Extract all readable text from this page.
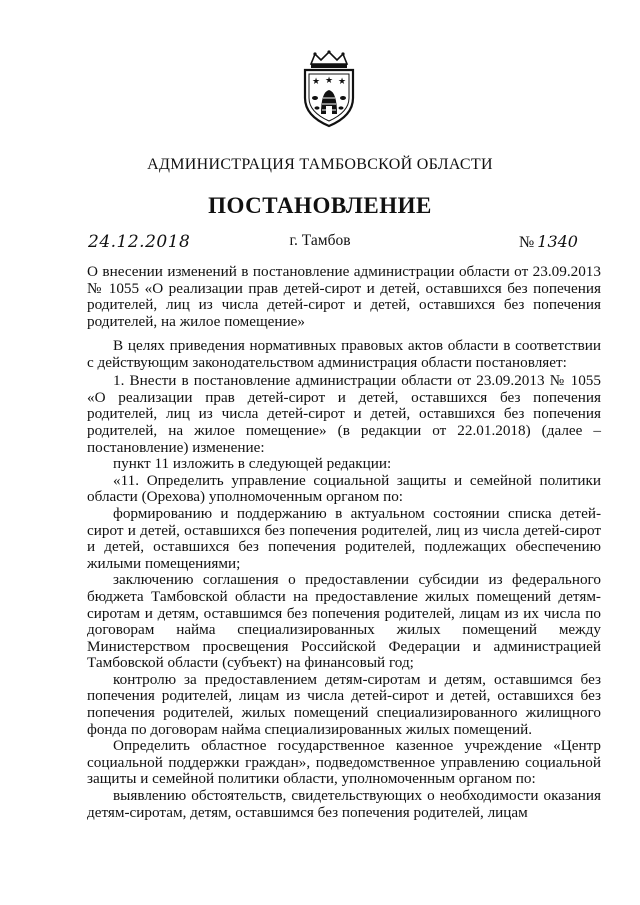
★ ★ ★
АДМИНИСТРАЦИЯ ТАМБОВСКОЙ ОБЛАСТИ
ПОСТАНОВЛЕНИЕ
24.12.2018	г. Тамбов	№ 1340
О внесении изменений в постановление администрации области от 23.09.2013 № 1055 «О реализации прав детей-сирот и детей, оставшихся без попечения родителей, лиц из числа детей-сирот и детей, оставшихся без попечения родителей, на жилое помещение»

В целях приведения нормативных правовых актов области в соответствии с действующим законодательством администрация области постановляет:

1. Внести в постановление администрации области от 23.09.2013 № 1055 «О реализации прав детей-сирот и детей, оставшихся без попечения родителей, лиц из числа детей-сирот и детей, оставшихся без попечения родителей, на жилое помещение» (в редакции от 22.01.2018) (далее – постановление) изменение:

пункт 11 изложить в следующей редакции:

«11. Определить управление социальной защиты и семейной политики области (Орехова) уполномоченным органом по:

формированию и поддержанию в актуальном состоянии списка детей-сирот и детей, оставшихся без попечения родителей, лиц из числа детей-сирот и детей, оставшихся без попечения родителей, подлежащих обеспечению жилыми помещениями;

заключению соглашения о предоставлении субсидии из федерального бюджета Тамбовской области на предоставление жилых помещений детям-сиротам и детям, оставшимся без попечения родителей, лицам из их числа по договорам найма специализированных жилых помещений между Министерством просвещения Российской Федерации и администрацией Тамбовской области (субъект) на финансовый год;

контролю за предоставлением детям-сиротам и детям, оставшимся без попечения родителей, лицам из числа детей-сирот и детей, оставшихся без попечения родителей, жилых помещений специализированного жилищного фонда по договорам найма специализированных жилых помещений.

Определить областное государственное казенное учреждение «Центр социальной поддержки граждан», подведомственное управлению социальной защиты и семейной политики области, уполномоченным органом по:

выявлению обстоятельств, свидетельствующих о необходимости оказания детям-сиротам, детям, оставшимся без попечения родителей, лицам
